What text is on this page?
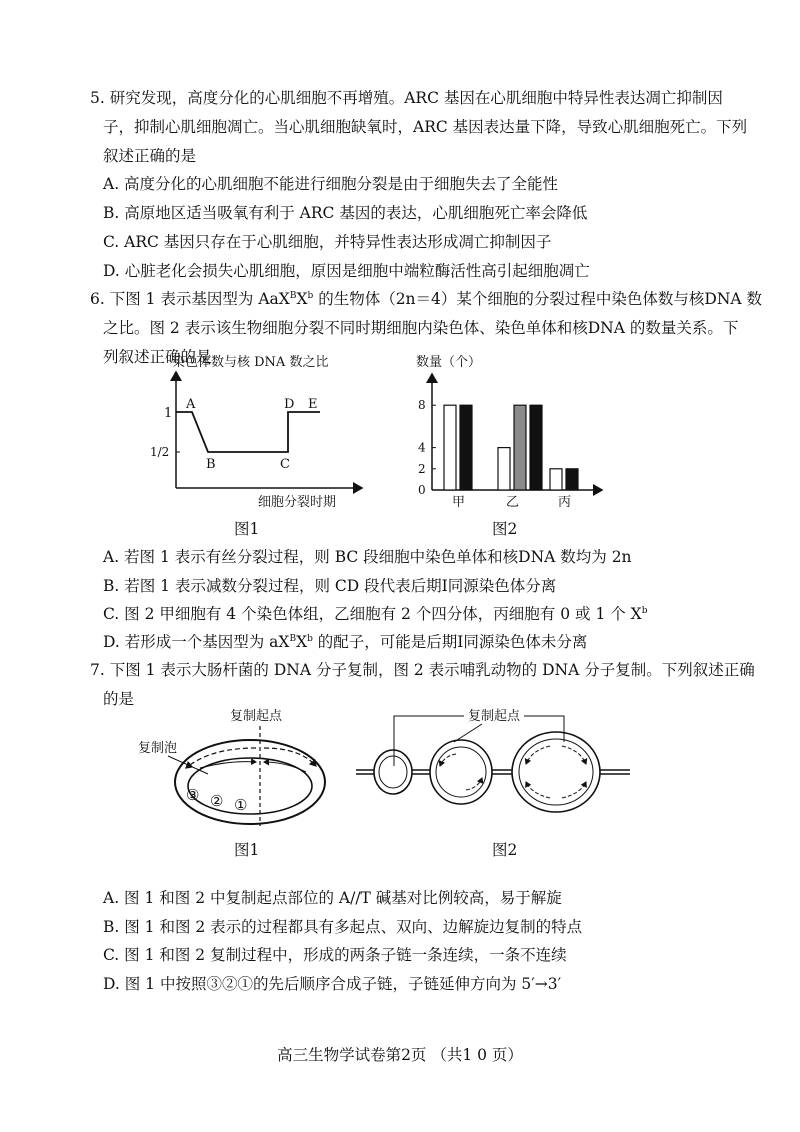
5. 研究发现，高度分化的心肌细胞不再增殖。ARC 基因在心肌细胞中特异性表达凋亡抑制因
子，抑制心肌细胞凋亡。当心肌细胞缺氧时，ARC 基因表达量下降，导致心肌细胞死亡。下列
叙述正确的是
A. 高度分化的心肌细胞不能进行细胞分裂是由于细胞失去了全能性
B. 高原地区适当吸氧有利于 ARC 基因的表达，心肌细胞死亡率会降低
C. ARC 基因只存在于心肌细胞，并特异性表达形成凋亡抑制因子
D. 心脏老化会损失心肌细胞，原因是细胞中端粒酶活性高引起细胞凋亡
6. 下图 1 表示基因型为 $AaX^BX^b$ 的生物体（2n＝4）某个细胞的分裂过程中染色体数与核DNA 数
之比。图 2 表示该生物细胞分裂不同时期细胞内染色体、染色单体和核DNA 的数量关系。下
列叙述正确的是
染色体数与核 DNA 数之比
1
1/2
A
B	C
D E
细胞分裂时期
图1
数量（个）
0
2
4
8
甲	乙	丙
图2
A. 若图 1 表示有丝分裂过程，则 BC 段细胞中染色单体和核DNA 数均为 2n
B. 若图 1 表示减数分裂过程，则 CD 段代表后期Ⅰ同源染色体分离
C. 图 2 甲细胞有 4 个染色体组，乙细胞有 2 个四分体，丙细胞有 0 或 1 个 $X^b$
D. 若形成一个基因型为 $aX^BX^b$ 的配子，可能是后期Ⅰ同源染色体未分离
7. 下图 1 表示大肠杆菌的 DNA 分子复制，图 2 表示哺乳动物的 DNA 分子复制。下列叙述正确
的是
复制起点
复制泡
③ ② ①
图1
复制起点
图2
A. 图 1 和图 2 中复制起点部位的 A//T 碱基对比例较高，易于解旋
B. 图 1 和图 2 表示的过程都具有多起点、双向、边解旋边复制的特点
C. 图 1 和图 2 复制过程中，形成的两条子链一条连续，一条不连续
D. 图 1 中按照③②①的先后顺序合成子链，子链延伸方向为 5′→3′
高三生物学试卷第2页 （共1 0 页）
